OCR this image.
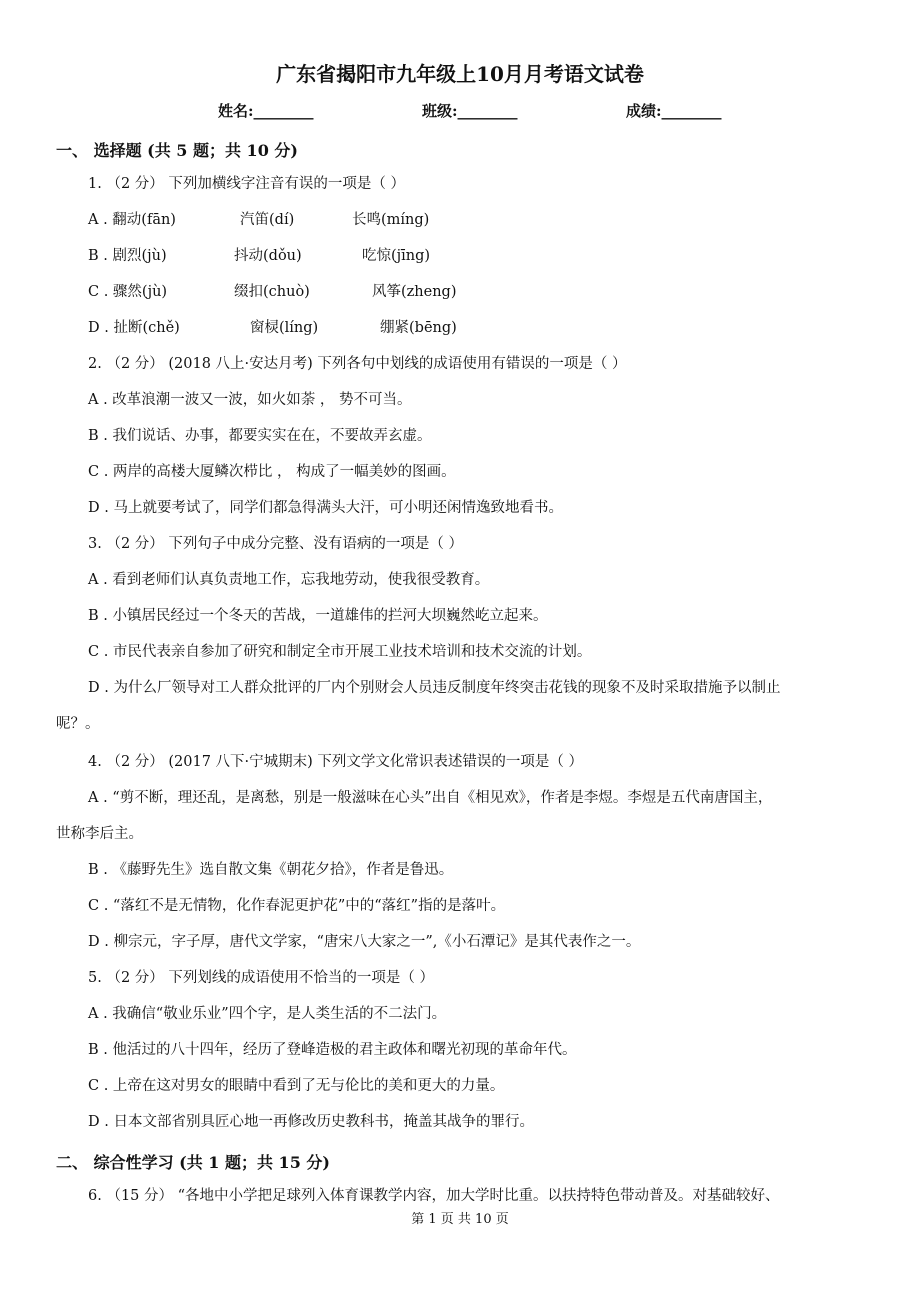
广东省揭阳市九年级上10月月考语文试卷
姓名:________	班级:________	成绩:________
一、 选择题 (共 5 题；共 10 分)
1. （2 分） 下列加横线字注音有误的一项是（ ）
A . 翻动(fān)	汽笛(dí)	长鸣(míng)
B . 剧烈(jù)	抖动(dǒu)	吃惊(jīng)
C . 骤然(jù)	缀扣(chuò)	风筝(zheng)
D . 扯断(chě)	窗棂(líng)	绷紧(bēng)
2. （2 分） (2018 八上·安达月考) 下列各句中划线的成语使用有错误的一项是（ ）
A . 改革浪潮一波又一波，如火如荼 ， 势不可当。
B . 我们说话、办事，都要实实在在，不要故弄玄虚。
C . 两岸的高楼大厦鳞次栉比 ， 构成了一幅美妙的图画。
D . 马上就要考试了，同学们都急得满头大汗，可小明还闲情逸致地看书。
3. （2 分） 下列句子中成分完整、没有语病的一项是（ ）
A . 看到老师们认真负责地工作，忘我地劳动，使我很受教育。
B . 小镇居民经过一个冬天的苦战，一道雄伟的拦河大坝巍然屹立起来。
C . 市民代表亲自参加了研究和制定全市开展工业技术培训和技术交流的计划。
D . 为什么厂领导对工人群众批评的厂内个别财会人员违反制度年终突击花钱的现象不及时采取措施予以制止
呢？。
4. （2 分） (2017 八下·宁城期末) 下列文学文化常识表述错误的一项是（ ）
A . “剪不断，理还乱，是离愁，别是一般滋味在心头”出自《相见欢》，作者是李煜。李煜是五代南唐国主，
世称李后主。
B . 《藤野先生》选自散文集《朝花夕拾》，作者是鲁迅。
C . “落红不是无情物，化作春泥更护花”中的“落红”指的是落叶。
D . 柳宗元，字子厚，唐代文学家，“唐宋八大家之一”,《小石潭记》是其代表作之一。
5. （2 分） 下列划线的成语使用不恰当的一项是（ ）
A . 我确信“敬业乐业”四个字，是人类生活的不二法门。
B . 他活过的八十四年，经历了登峰造极的君主政体和曙光初现的革命年代。
C . 上帝在这对男女的眼睛中看到了无与伦比的美和更大的力量。
D . 日本文部省别具匠心地一再修改历史教科书，掩盖其战争的罪行。
二、 综合性学习 (共 1 题；共 15 分)
6. （15 分） “各地中小学把足球列入体育课教学内容，加大学时比重。以扶持特色带动普及。对基础较好、
第 1 页 共 10 页
